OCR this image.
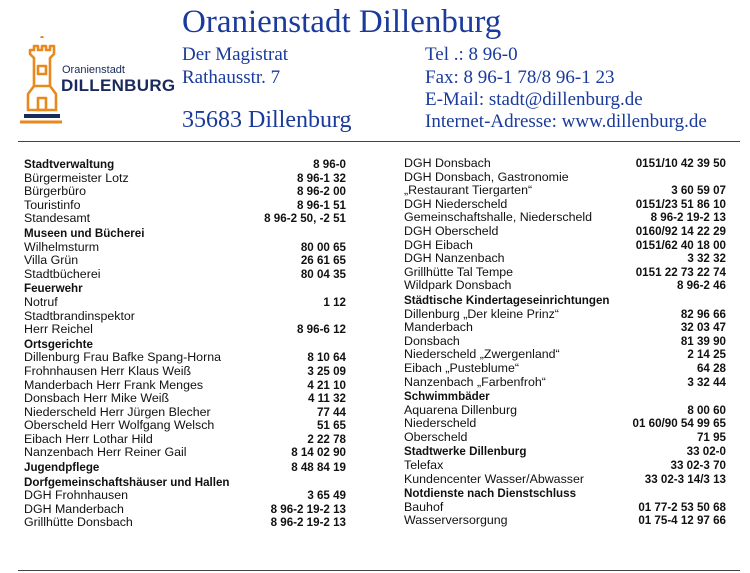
Oranienstadt
DILLENBURG
Oranienstadt Dillenburg
Der Magistrat
Rathausstr. 7
35683 Dillenburg
Tel .: 8 96-0
Fax: 8 96-1 78/8 96-1 23
E-Mail: stadt@dillenburg.de
Internet-Adresse: www.dillenburg.de
Stadtverwaltung	8 96-0
Bürgermeister Lotz	8 96-1 32
Bürgerbüro	8 96-2 00
Touristinfo	8 96-1 51
Standesamt	8 96-2 50, -2 51
Museen und Bücherei
Wilhelmsturm	80 00 65
Villa Grün	26 61 65
Stadtbücherei	80 04 35
Feuerwehr
Notruf	1 12
Stadtbrandinspektor
Herr Reichel	8 96-6 12
Ortsgerichte
Dillenburg Frau Bafke Spang-Horna	8 10 64
Frohnhausen Herr Klaus Weiß	3 25 09
Manderbach Herr Frank Menges	4 21 10
Donsbach Herr Mike Weiß	4 11 32
Niederscheld Herr Jürgen Blecher	77 44
Oberscheld Herr Wolfgang Welsch	51 65
Eibach Herr Lothar Hild	2 22 78
Nanzenbach Herr Reiner Gail	8 14 02 90
Jugendpflege	8 48 84 19
Dorfgemeinschaftshäuser und Hallen
DGH Frohnhausen	3 65 49
DGH Manderbach	8 96-2 19-2 13
Grillhütte Donsbach	8 96-2 19-2 13
DGH Donsbach	0151/10 42 39 50
DGH Donsbach, Gastronomie
„Restaurant Tiergarten“	3 60 59 07
DGH Niederscheld	0151/23 51 86 10
Gemeinschaftshalle, Niederscheld	8 96-2 19-2 13
DGH Oberscheld	0160/92 14 22 29
DGH Eibach	0151/62 40 18 00
DGH Nanzenbach	3 32 32
Grillhütte Tal Tempe	0151 22 73 22 74
Wildpark Donsbach	8 96-2 46
Städtische Kindertageseinrichtungen
Dillenburg „Der kleine Prinz“	82 96 66
Manderbach	32 03 47
Donsbach	81 39 90
Niederscheld „Zwergenland“	2 14 25
Eibach „Pusteblume“	64 28
Nanzenbach „Farbenfroh“	3 32 44
Schwimmbäder
Aquarena Dillenburg	8 00 60
Niederscheld	01 60/90 54 99 65
Oberscheld	71 95
Stadtwerke Dillenburg	33 02-0
Telefax	33 02-3 70
Kundencenter Wasser/Abwasser	33 02-3 14/3 13
Notdienste nach Dienstschluss
Bauhof	01 77-2 53 50 68
Wasserversorgung	01 75-4 12 97 66
